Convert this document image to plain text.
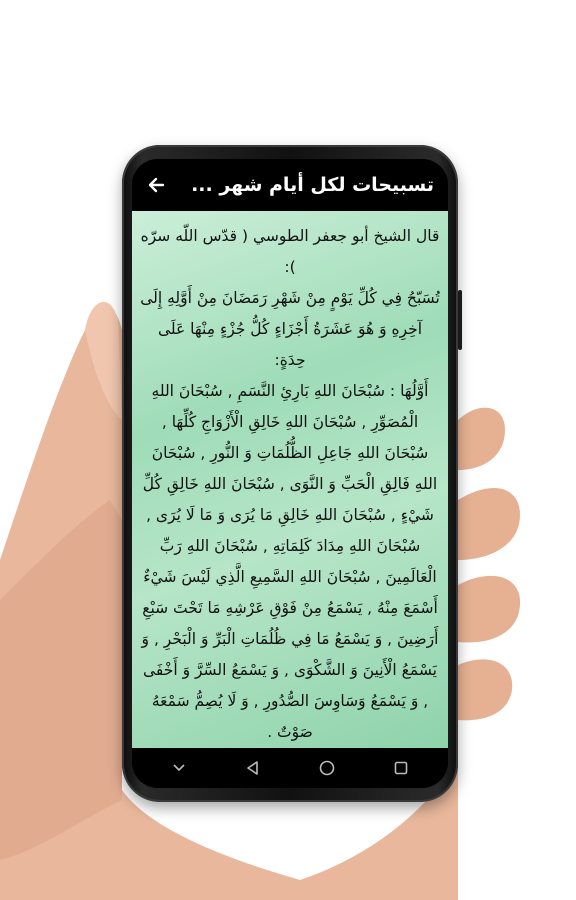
تسبيحات لكل أيام شهر ...

قال الشيخ أبو جعفر الطوسي ( قدّس اللّه سرّه ):

تُسَبّحُ فِي كُلِّ يَوْمٍ مِنْ شَهْرِ رَمَضَانَ مِنْ أَوَّلِهِ إِلَى آخِرِهِ وَ هُوَ عَشَرَةُ أَجْزَاءٍ كُلُّ جُزْءٍ مِنْهَا عَلَى حِدَةٍ:

أَوَّلُهَا : سُبْحَانَ اللهِ بَارِئِ النَّسَمِ , سُبْحَانَ اللهِ الْمُصَوِّرِ , سُبْحَانَ اللهِ خَالِقِ الْأَزْوَاجِ كُلِّهَا , سُبْحَانَ اللهِ جَاعِلِ الظُّلُمَاتِ وَ النُّورِ , سُبْحَانَ اللهِ فَالِقِ الْحَبِّ وَ النَّوَى , سُبْحَانَ اللهِ خَالِقِ كُلِّ شَيْءٍ , سُبْحَانَ اللهِ خَالِقِ مَا يُرَى وَ مَا لَا يُرَى , سُبْحَانَ اللهِ مِدَادَ كَلِمَاتِهِ , سُبْحَانَ اللهِ رَبِّ الْعَالَمِينَ , سُبْحَانَ اللهِ السَّمِيعِ الَّذِي لَيْسَ شَيْءٌ أَسْمَعَ مِنْهُ , يَسْمَعُ مِنْ فَوْقِ عَرْشِهِ مَا تَحْتَ سَبْعِ أَرَضِينَ , وَ يَسْمَعُ مَا فِي ظُلُمَاتِ الْبَرِّ وَ الْبَحْرِ , وَ يَسْمَعُ الْأَنِينَ وَ الشَّكْوَى , وَ يَسْمَعُ السِّرَّ وَ أَخْفَى , وَ يَسْمَعُ وَسَاوِسَ الصُّدُورِ , وَ لَا يُصِمُّ سَمْعَهُ صَوْتٌ .
